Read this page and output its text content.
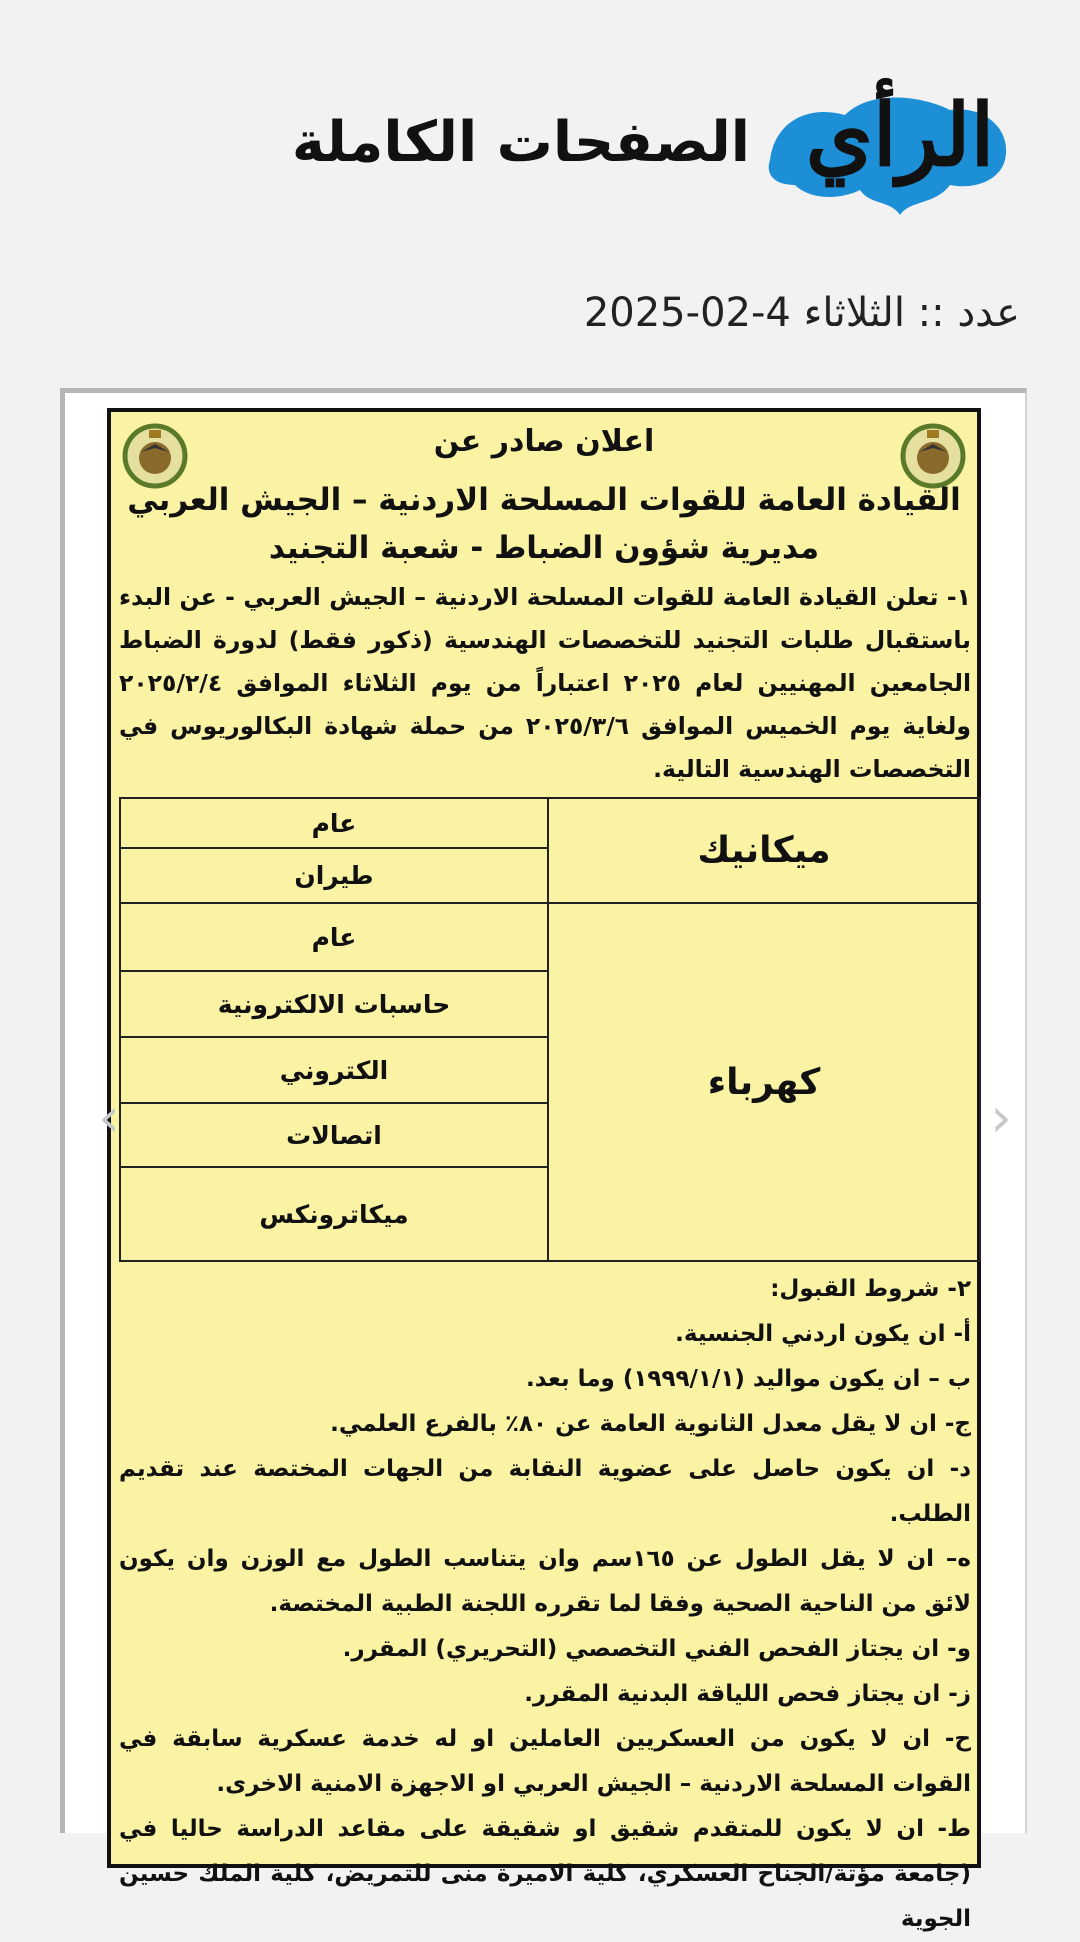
الرأي
الصفحات الكاملة
عدد :: الثلاثاء 4-02-2025
اعلان صادر عن
القيادة العامة للقوات المسلحة الاردنية – الجيش العربي
مديرية شؤون الضباط - شعبة التجنيد
١- تعلن القيادة العامة للقوات المسلحة الاردنية – الجيش العربي - عن البدء باستقبال طلبات التجنيد للتخصصات الهندسية (ذكور فقط) لدورة الضباط الجامعين المهنيين لعام ٢٠٢٥ اعتباراً من يوم الثلاثاء الموافق ٢٠٢٥/٢/٤ ولغاية يوم الخميس الموافق ٢٠٢٥/٣/٦ من حملة شهادة البكالوريوس في التخصصات الهندسية التالية.
ميكانيك	عام
	طيران
كهرباء	عام
	حاسبات الالكترونية
	الكتروني
	اتصالات
	ميكاترونكس

٢- شروط القبول:

أ- ان يكون اردني الجنسية.

ب – ان يكون مواليد (١٩٩٩/١/١) وما بعد.

ج- ان لا يقل معدل الثانوية العامة عن ٨٠٪ بالفرع العلمي.

د- ان يكون حاصل على عضوية النقابة من الجهات المختصة عند تقديم الطلب.

ه– ان لا يقل الطول عن ١٦٥سم وان يتناسب الطول مع الوزن وان يكون لائق من الناحية الصحية وفقا لما تقرره اللجنة الطبية المختصة.

و- ان يجتاز الفحص الفني التخصصي (التحريري) المقرر.

ز- ان يجتاز فحص اللياقة البدنية المقرر.

ح- ان لا يكون من العسكريين العاملين او له خدمة عسكرية سابقة في القوات المسلحة الاردنية – الجيش العربي او الاجهزة الامنية الاخرى.

ط- ان لا يكون للمتقدم شقيق او شقيقة على مقاعد الدراسة حاليا في (جامعة مؤتة/الجناح العسكري، كلية الاميرة منى للتمريض، كلية الملك حسين الجوية

‹	›
